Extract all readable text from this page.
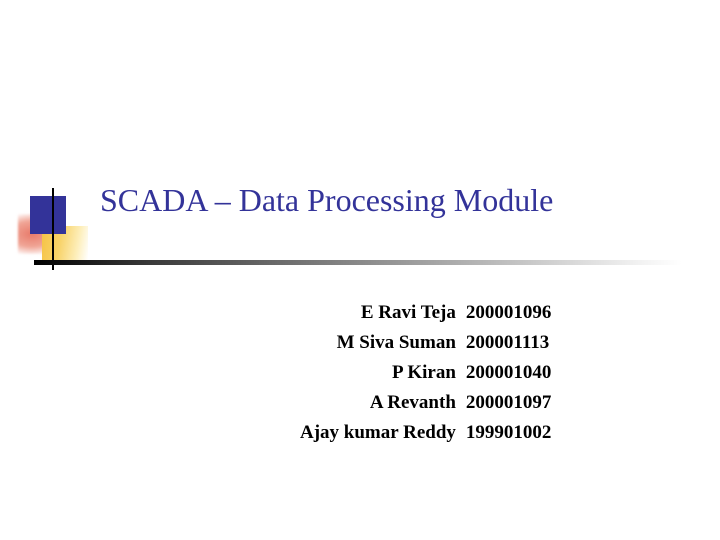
SCADA – Data Processing Module
E Ravi Teja	200001096
M Siva Suman	200001113
P Kiran	200001040
A Revanth	200001097
Ajay kumar Reddy	199901002
